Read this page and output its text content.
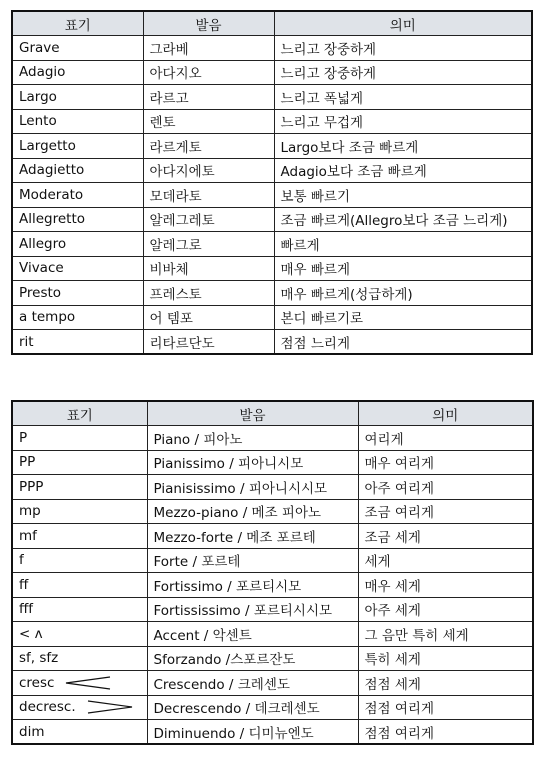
표기	발음	의미
Grave	그라베	느리고 장중하게
Adagio	아다지오	느리고 장중하게
Largo	라르고	느리고 폭넓게
Lento	렌토	느리고 무겁게
Largetto	라르게토	Largo보다 조금 빠르게
Adagietto	아다지에토	Adagio보다 조금 빠르게
Moderato	모데라토	보통 빠르기
Allegretto	알레그레토	조금 빠르게(Allegro보다 조금 느리게)
Allegro	알레그로	빠르게
Vivace	비바체	매우 빠르게
Presto	프레스토	매우 빠르게(성급하게)
a tempo	어 템포	본디 빠르기로
rit	리타르단도	점점 느리게
표기	발음	의미
P	Piano / 피아노	여리게
PP	Pianissimo / 피아니시모	매우 여리게
PPP	Pianisissimo / 피아니시시모	아주 여리게
mp	Mezzo-piano / 메조 피아노	조금 여리게
mf	Mezzo-forte / 메조 포르테	조금 세게
f	Forte / 포르테	세게
ff	Fortissimo / 포르티시모	매우 세게
fff	Fortississimo / 포르티시시모	아주 세게
< ʌ	Accent / 악센트	그 음만 특히 세게
sf, sfz	Sforzando /스포르잔도	특히 세게

cresc	Crescendo / 크레센도	점점 세게

decresc.	Decrescendo / 데크레센도	점점 여리게
dim	Diminuendo / 디미뉴엔도	점점 여리게
